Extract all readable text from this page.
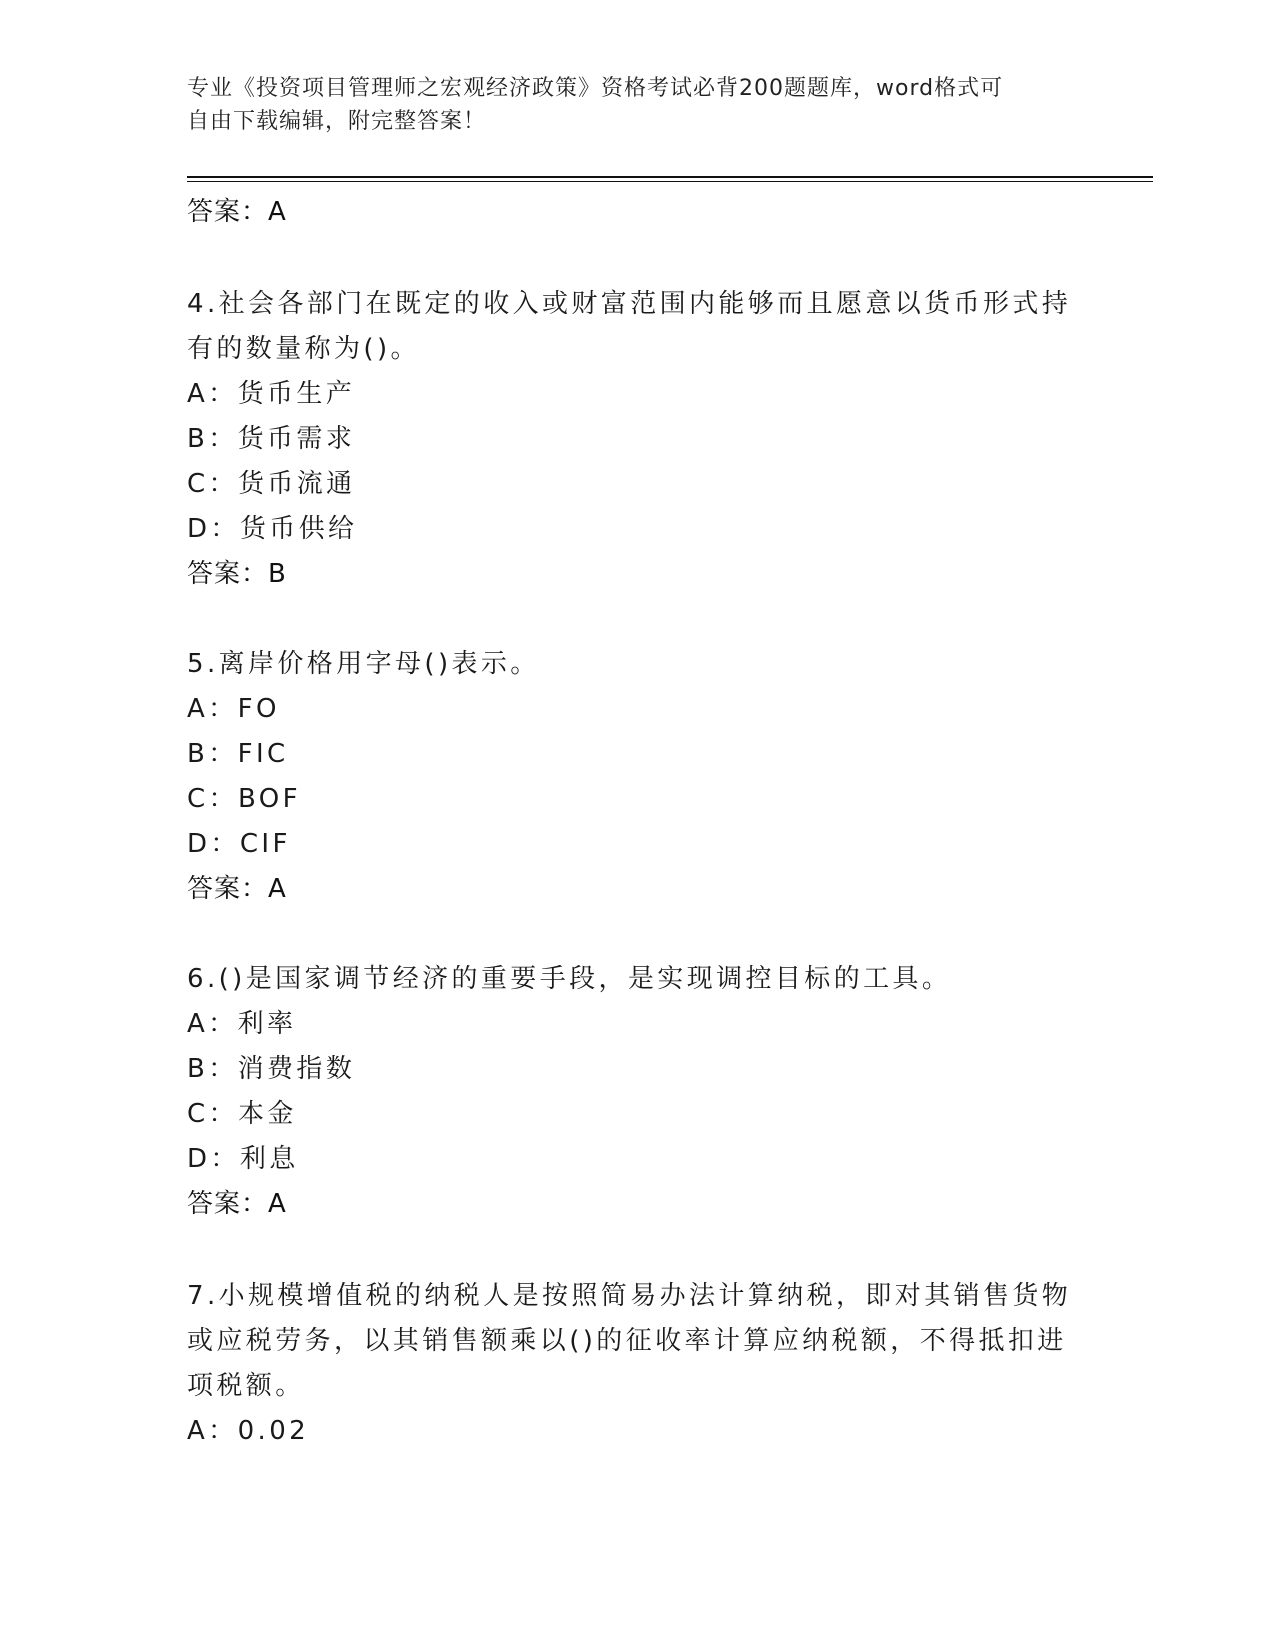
专业《投资项目管理师之宏观经济政策》资格考试必背200题题库，word格式可
自由下载编辑，附完整答案！
答案：A
4.社会各部门在既定的收入或财富范围内能够而且愿意以货币形式持
有的数量称为()。
A：货币生产
B：货币需求
C：货币流通
D：货币供给
答案：B
5.离岸价格用字母()表示。
A：FO
B：FIC
C：BOF
D：CIF
答案：A
6.()是国家调节经济的重要手段，是实现调控目标的工具。
A：利率
B：消费指数
C：本金
D：利息
答案：A
7.小规模增值税的纳税人是按照简易办法计算纳税，即对其销售货物
或应税劳务，以其销售额乘以()的征收率计算应纳税额，不得抵扣进
项税额。
A：0.02
